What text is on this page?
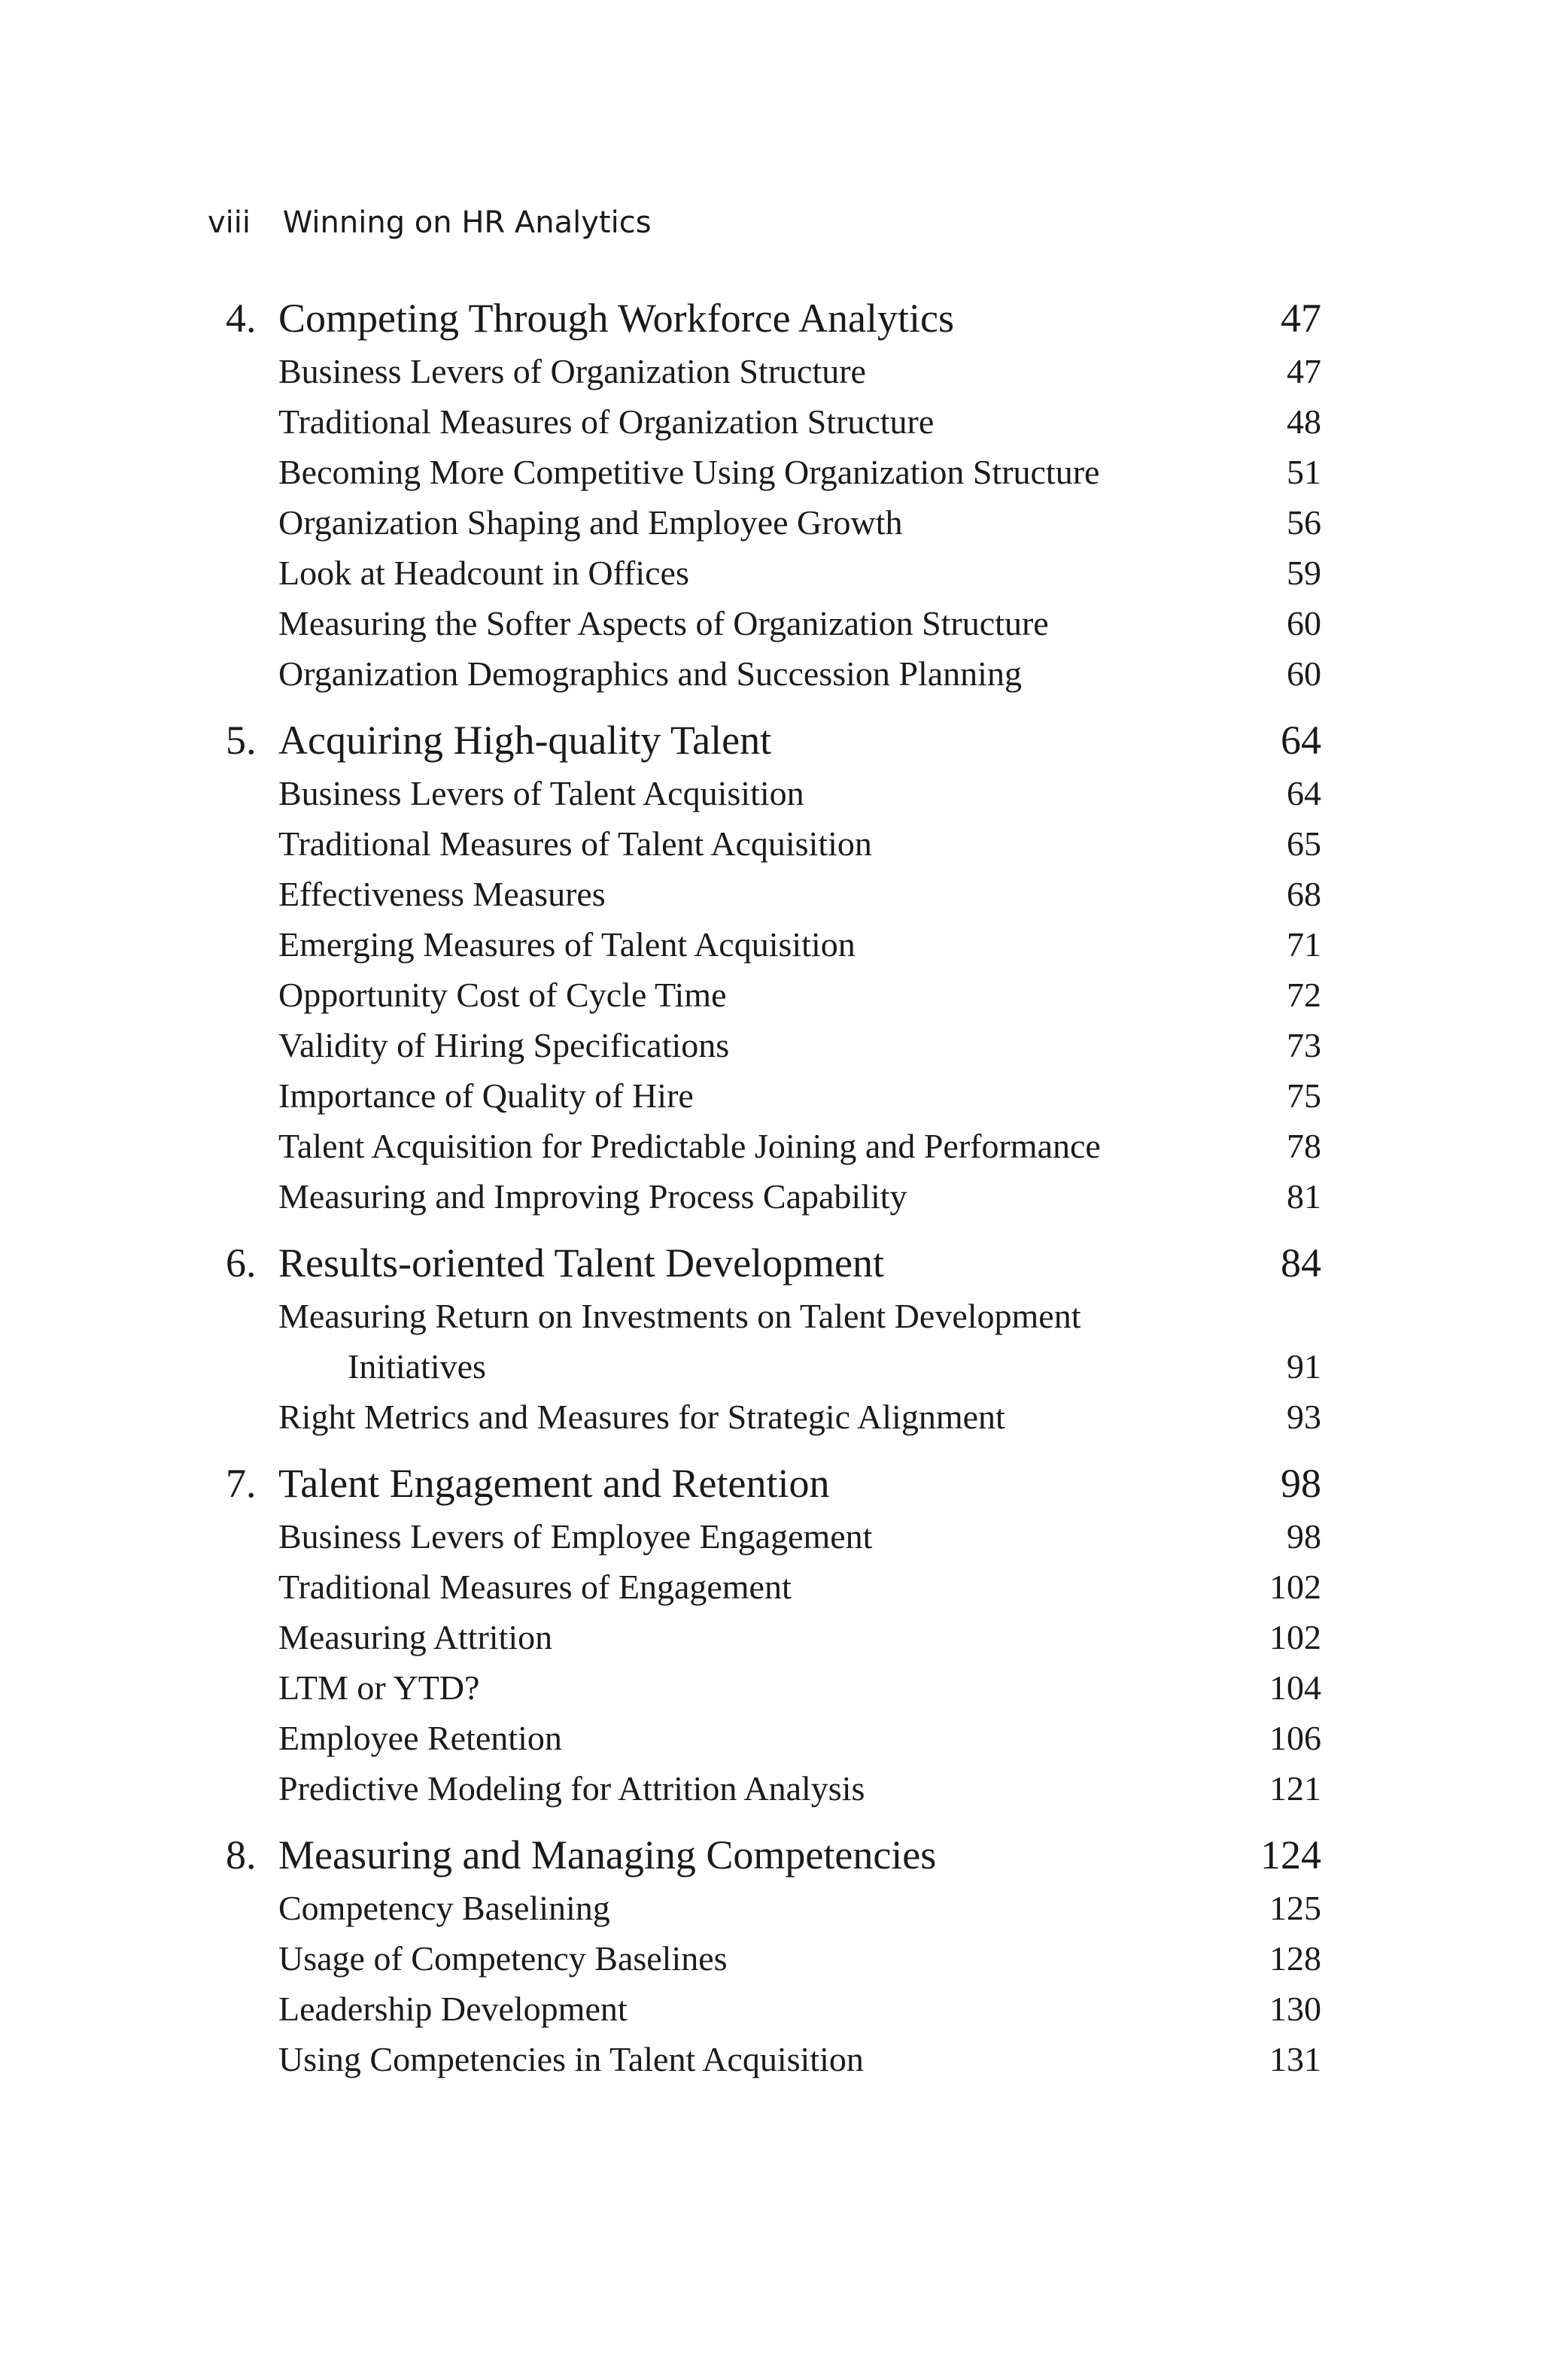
viii Winning on HR Analytics
4. Competing Through Workforce Analytics	47
Business Levers of Organization Structure	47
Traditional Measures of Organization Structure	48
Becoming More Competitive Using Organization Structure	51
Organization Shaping and Employee Growth	56
Look at Headcount in Offices	59
Measuring the Softer Aspects of Organization Structure	60
Organization Demographics and Succession Planning	60
5. Acquiring High-quality Talent	64
Business Levers of Talent Acquisition	64
Traditional Measures of Talent Acquisition	65
Effectiveness Measures	68
Emerging Measures of Talent Acquisition	71
Opportunity Cost of Cycle Time	72
Validity of Hiring Specifications	73
Importance of Quality of Hire	75
Talent Acquisition for Predictable Joining and Performance	78
Measuring and Improving Process Capability	81
6. Results-oriented Talent Development	84
Measuring Return on Investments on Talent Development
Initiatives	91
Right Metrics and Measures for Strategic Alignment	93
7. Talent Engagement and Retention	98
Business Levers of Employee Engagement	98
Traditional Measures of Engagement	102
Measuring Attrition	102
LTM or YTD?	104
Employee Retention	106
Predictive Modeling for Attrition Analysis	121
8. Measuring and Managing Competencies	124
Competency Baselining	125
Usage of Competency Baselines	128
Leadership Development	130
Using Competencies in Talent Acquisition	131
